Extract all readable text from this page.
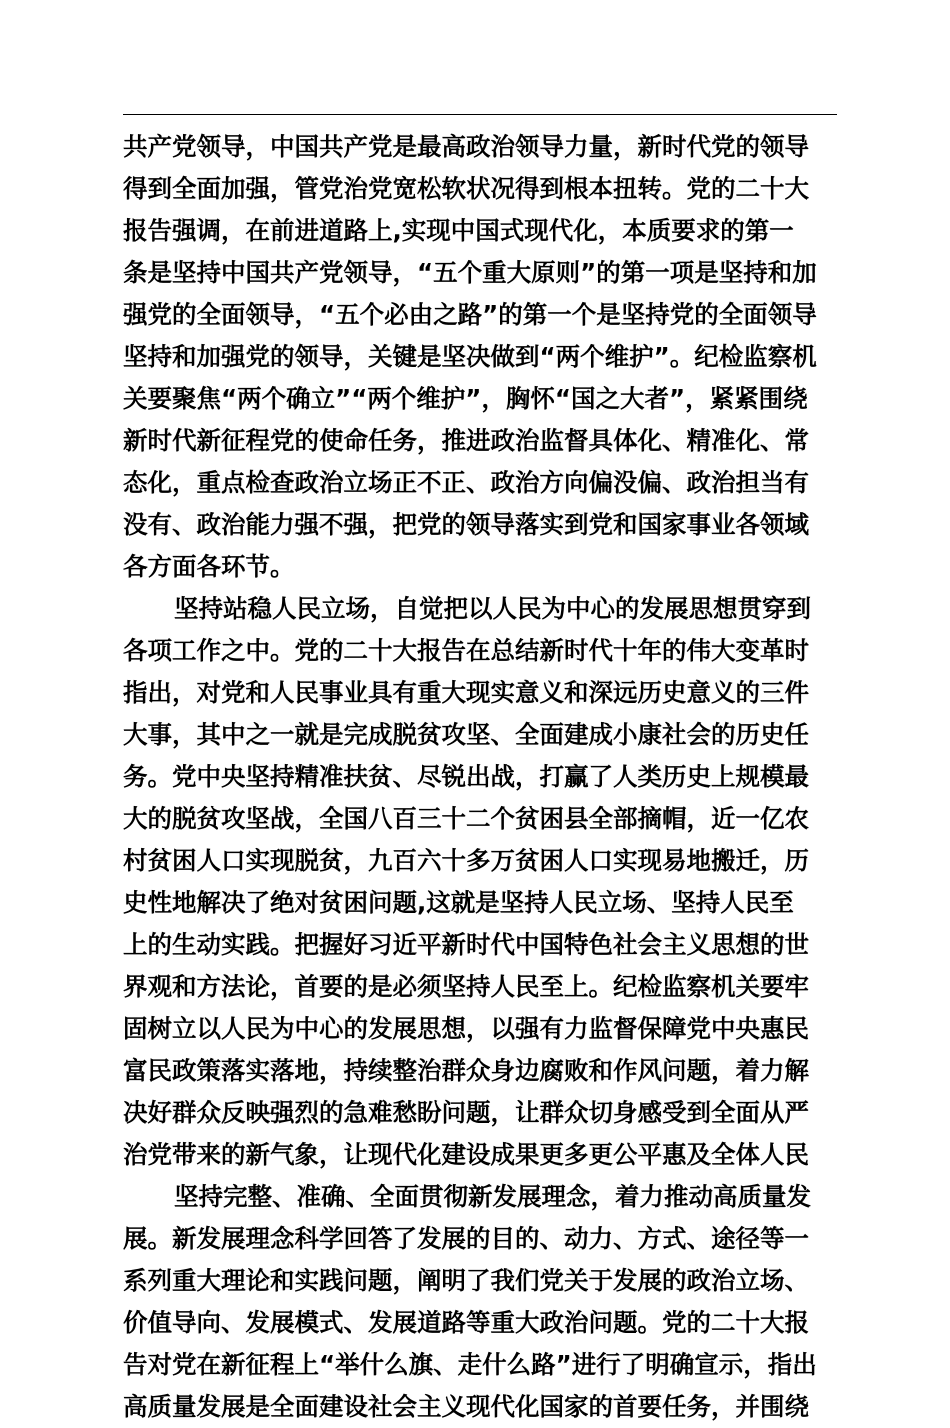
共产党领导，中国共产党是最高政治领导力量，新时代党的领导
得到全面加强，管党治党宽松软状况得到根本扭转。党的二十大
报告强调，在前进道路上,实现中国式现代化，本质要求的第一
条是坚持中国共产党领导，“五个重大原则”的第一项是坚持和加
强党的全面领导，“五个必由之路”的第一个是坚持党的全面领导
坚持和加强党的领导，关键是坚决做到“两个维护”。纪检监察机
关要聚焦“两个确立”“两个维护”，胸怀“国之大者”，紧紧围绕
新时代新征程党的使命任务，推进政治监督具体化、精准化、常
态化，重点检查政治立场正不正、政治方向偏没偏、政治担当有
没有、政治能力强不强，把党的领导落实到党和国家事业各领域
各方面各环节。
坚持站稳人民立场，自觉把以人民为中心的发展思想贯穿到
各项工作之中。党的二十大报告在总结新时代十年的伟大变革时
指出，对党和人民事业具有重大现实意义和深远历史意义的三件
大事，其中之一就是完成脱贫攻坚、全面建成小康社会的历史任
务。党中央坚持精准扶贫、尽锐出战，打赢了人类历史上规模最
大的脱贫攻坚战，全国八百三十二个贫困县全部摘帽，近一亿农
村贫困人口实现脱贫，九百六十多万贫困人口实现易地搬迁，历
史性地解决了绝对贫困问题,这就是坚持人民立场、坚持人民至
上的生动实践。把握好习近平新时代中国特色社会主义思想的世
界观和方法论，首要的是必须坚持人民至上。纪检监察机关要牢
固树立以人民为中心的发展思想，以强有力监督保障党中央惠民
富民政策落实落地，持续整治群众身边腐败和作风问题，着力解
决好群众反映强烈的急难愁盼问题，让群众切身感受到全面从严
治党带来的新气象，让现代化建设成果更多更公平惠及全体人民
坚持完整、准确、全面贯彻新发展理念，着力推动高质量发
展。新发展理念科学回答了发展的目的、动力、方式、途径等一
系列重大理论和实践问题，阐明了我们党关于发展的政治立场、
价值导向、发展模式、发展道路等重大政治问题。党的二十大报
告对党在新征程上“举什么旗、走什么路”进行了明确宣示，指出
高质量发展是全面建设社会主义现代化国家的首要任务，并围绕
